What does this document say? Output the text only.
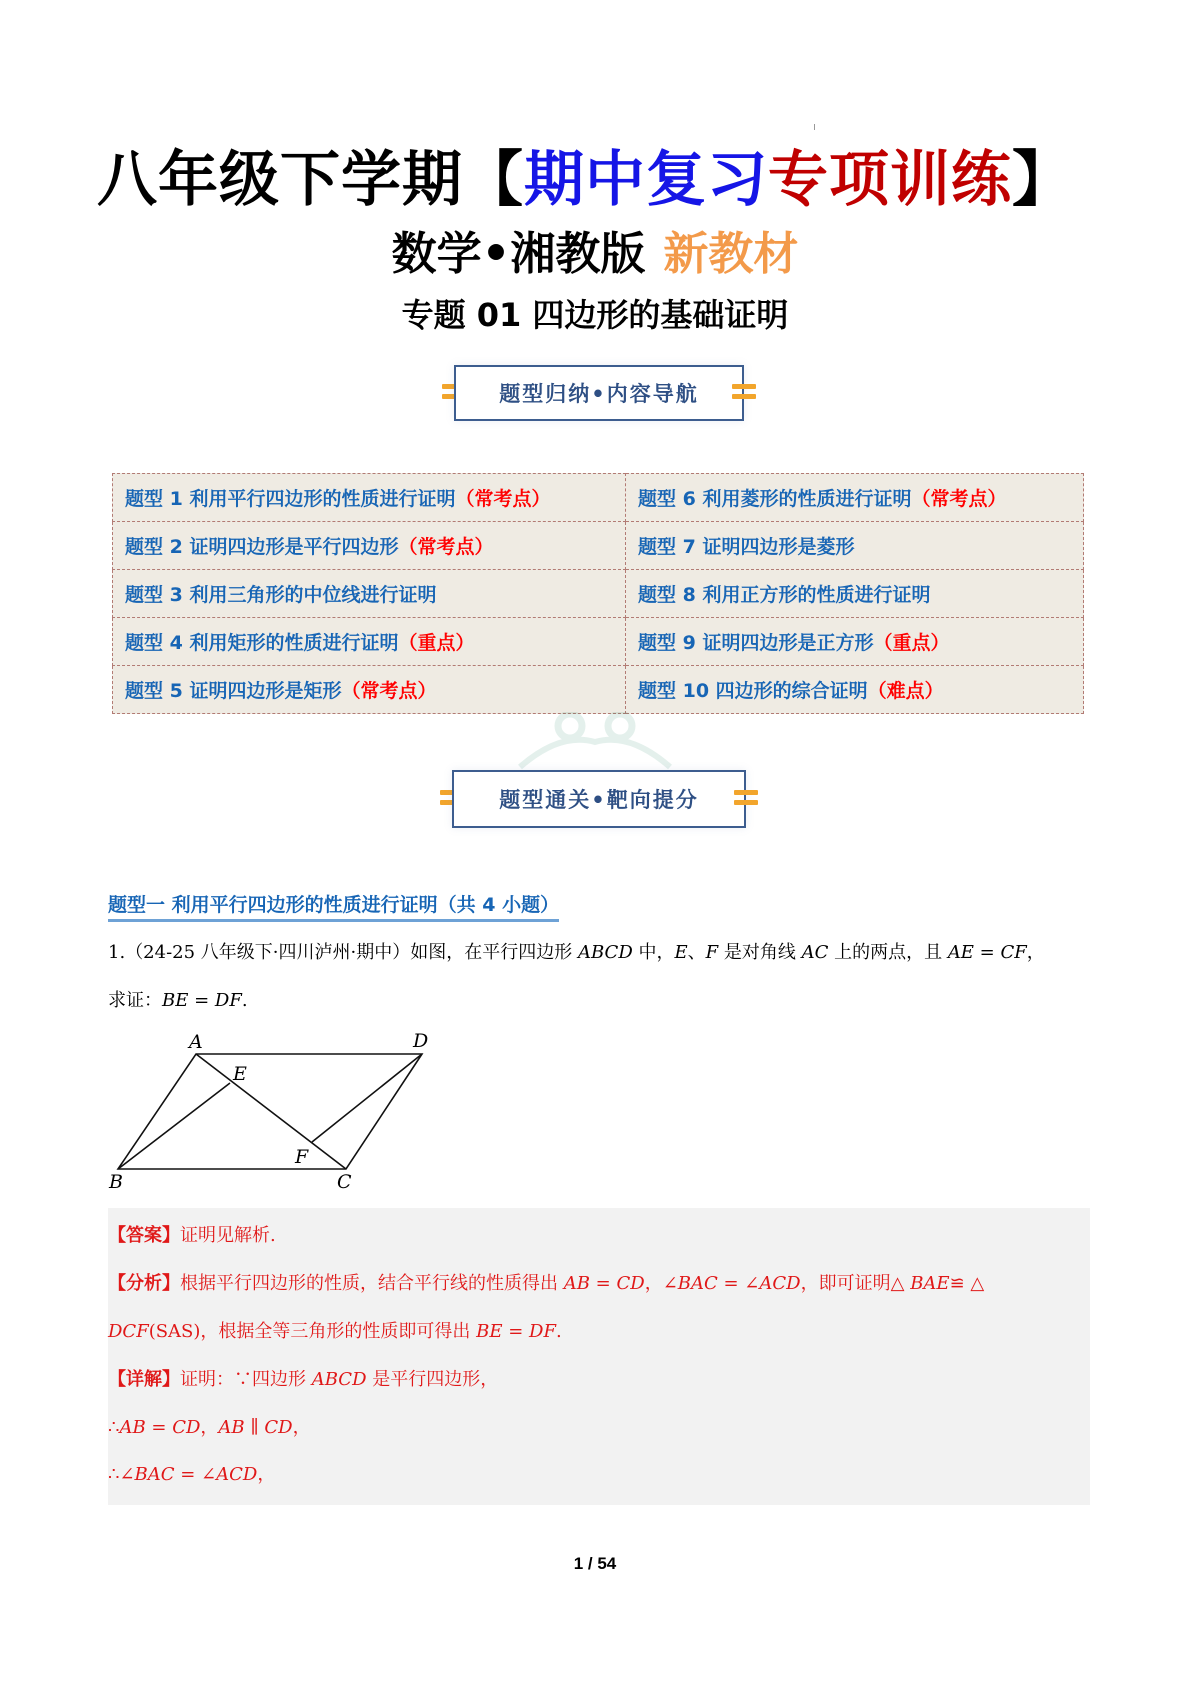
八年级下学期【期中复习专项训练】
数学•湘教版 新教材
专题 01 四边形的基础证明
题型归纳•内容导航
题型 1 利用平行四边形的性质进行证明（常考点）	题型 6 利用菱形的性质进行证明（常考点）
题型 2 证明四边形是平行四边形（常考点）	题型 7 证明四边形是菱形
题型 3 利用三角形的中位线进行证明	题型 8 利用正方形的性质进行证明
题型 4 利用矩形的性质进行证明（重点）	题型 9 证明四边形是正方形（重点）
题型 5 证明四边形是矩形（常考点）	题型 10 四边形的综合证明（难点）
题型通关•靶向提分
题型一 利用平行四边形的性质进行证明（共 4 小题）
1.（24-25 八年级下·四川泸州·期中）如图，在平行四边形 ABCD 中，E、F 是对角线 AC 上的两点，且 AE = CF，
求证：BE = DF.
A	D
E
F
B	C
【答案】证明见解析.
【分析】根据平行四边形的性质，结合平行线的性质得出 AB = CD，∠BAC = ∠ACD，即可证明△ BAE≌ △
DCF(SAS)，根据全等三角形的性质即可得出 BE = DF.
【详解】证明：∵四边形 ABCD 是平行四边形，
∴AB = CD，AB ∥ CD，
∴∠BAC = ∠ACD，
1 / 54
